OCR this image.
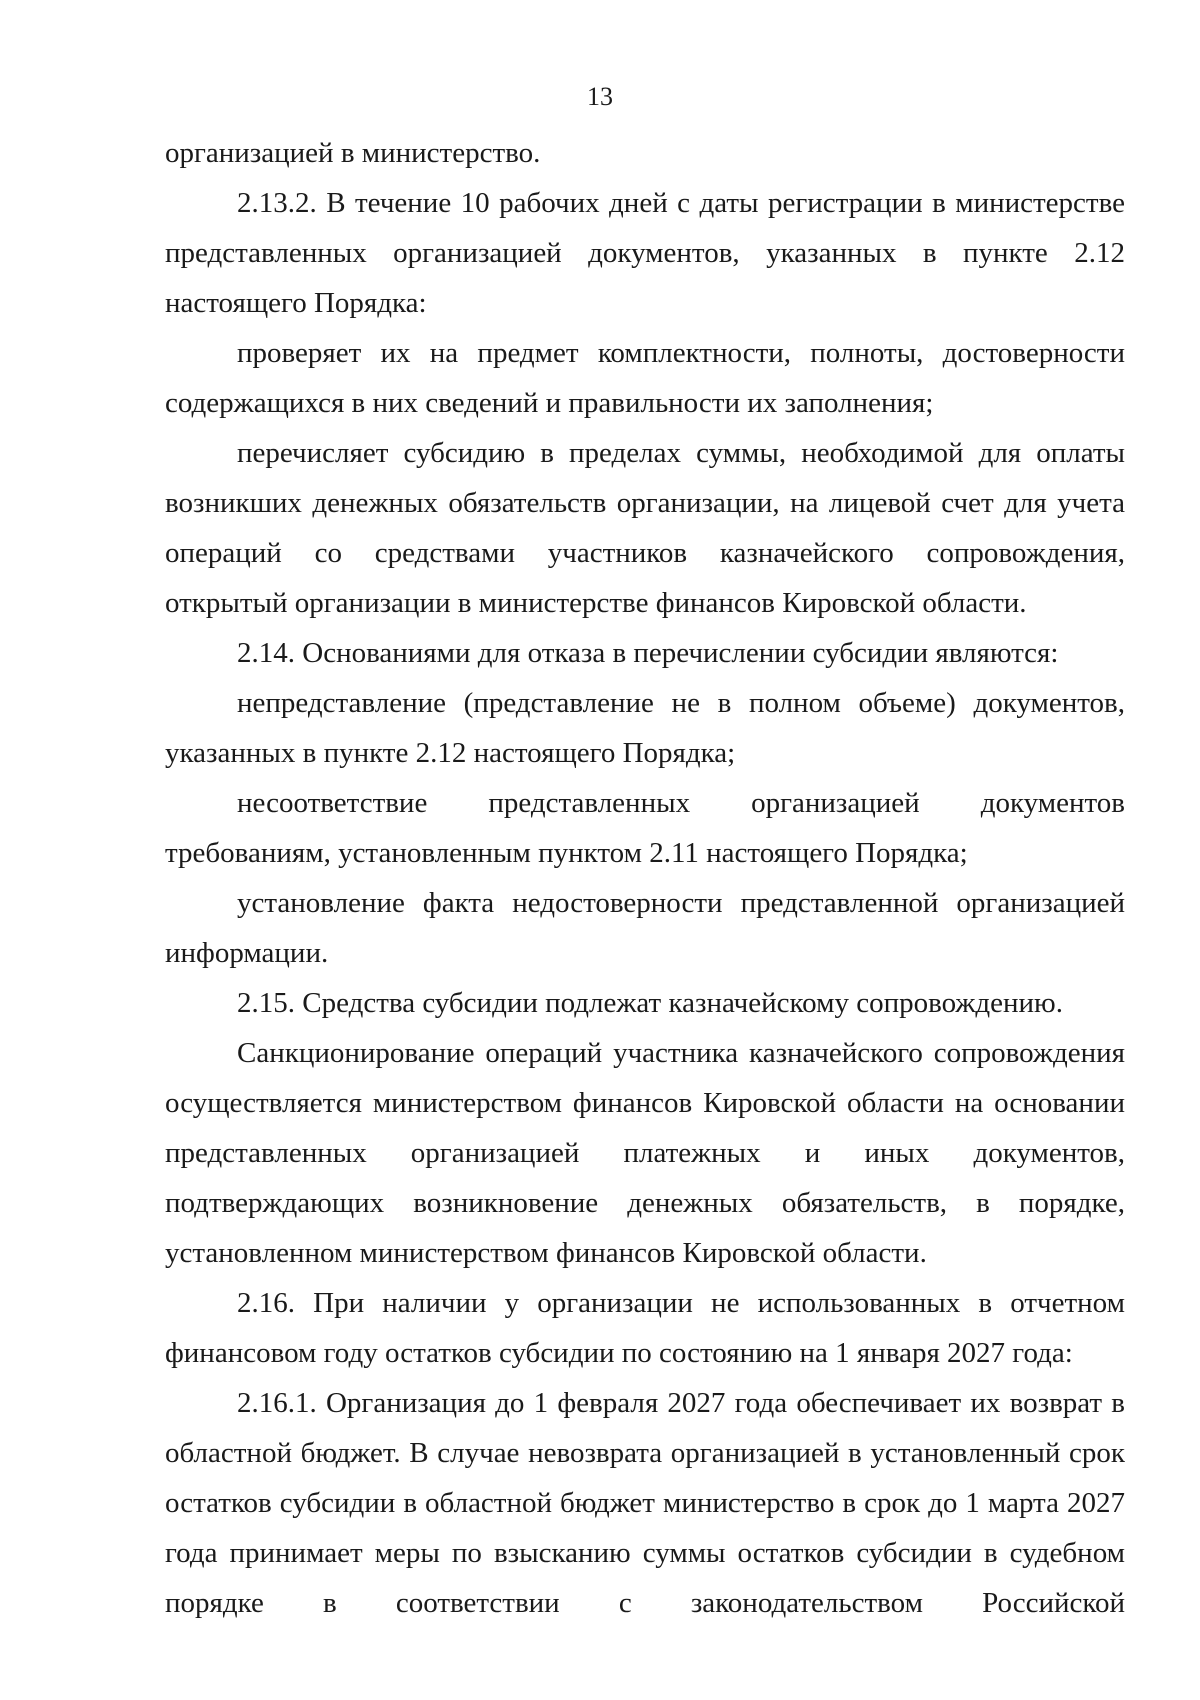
13

организацией в министерство.

2.13.2. В течение 10 рабочих дней с даты регистрации в министерстве представленных организацией документов, указанных в пункте 2.12 настоящего Порядка:

проверяет их на предмет комплектности, полноты, достоверности содержащихся в них сведений и правильности их заполнения;

перечисляет субсидию в пределах суммы, необходимой для оплаты возникших денежных обязательств организации, на лицевой счет для учета операций со средствами участников казначейского сопровождения, открытый организации в министерстве финансов Кировской области.

2.14. Основаниями для отказа в перечислении субсидии являются:

непредставление (представление не в полном объеме) документов, указанных в пункте 2.12 настоящего Порядка;

несоответствие представленных организацией документов требованиям, установленным пунктом 2.11 настоящего Порядка;

установление факта недостоверности представленной организацией информации.

2.15. Средства субсидии подлежат казначейскому сопровождению.

Санкционирование операций участника казначейского сопровождения осуществляется министерством финансов Кировской области на основании представленных организацией платежных и иных документов, подтверждающих возникновение денежных обязательств, в порядке, установленном министерством финансов Кировской области.

2.16. При наличии у организации не использованных в отчетном финансовом году остатков субсидии по состоянию на 1 января 2027 года:

2.16.1. Организация до 1 февраля 2027 года обеспечивает их возврат в областной бюджет. В случае невозврата организацией в установленный срок остатков субсидии в областной бюджет министерство в срок до 1 марта 2027 года принимает меры по взысканию суммы остатков субсидии в судебном порядке в соответствии с законодательством Российской
